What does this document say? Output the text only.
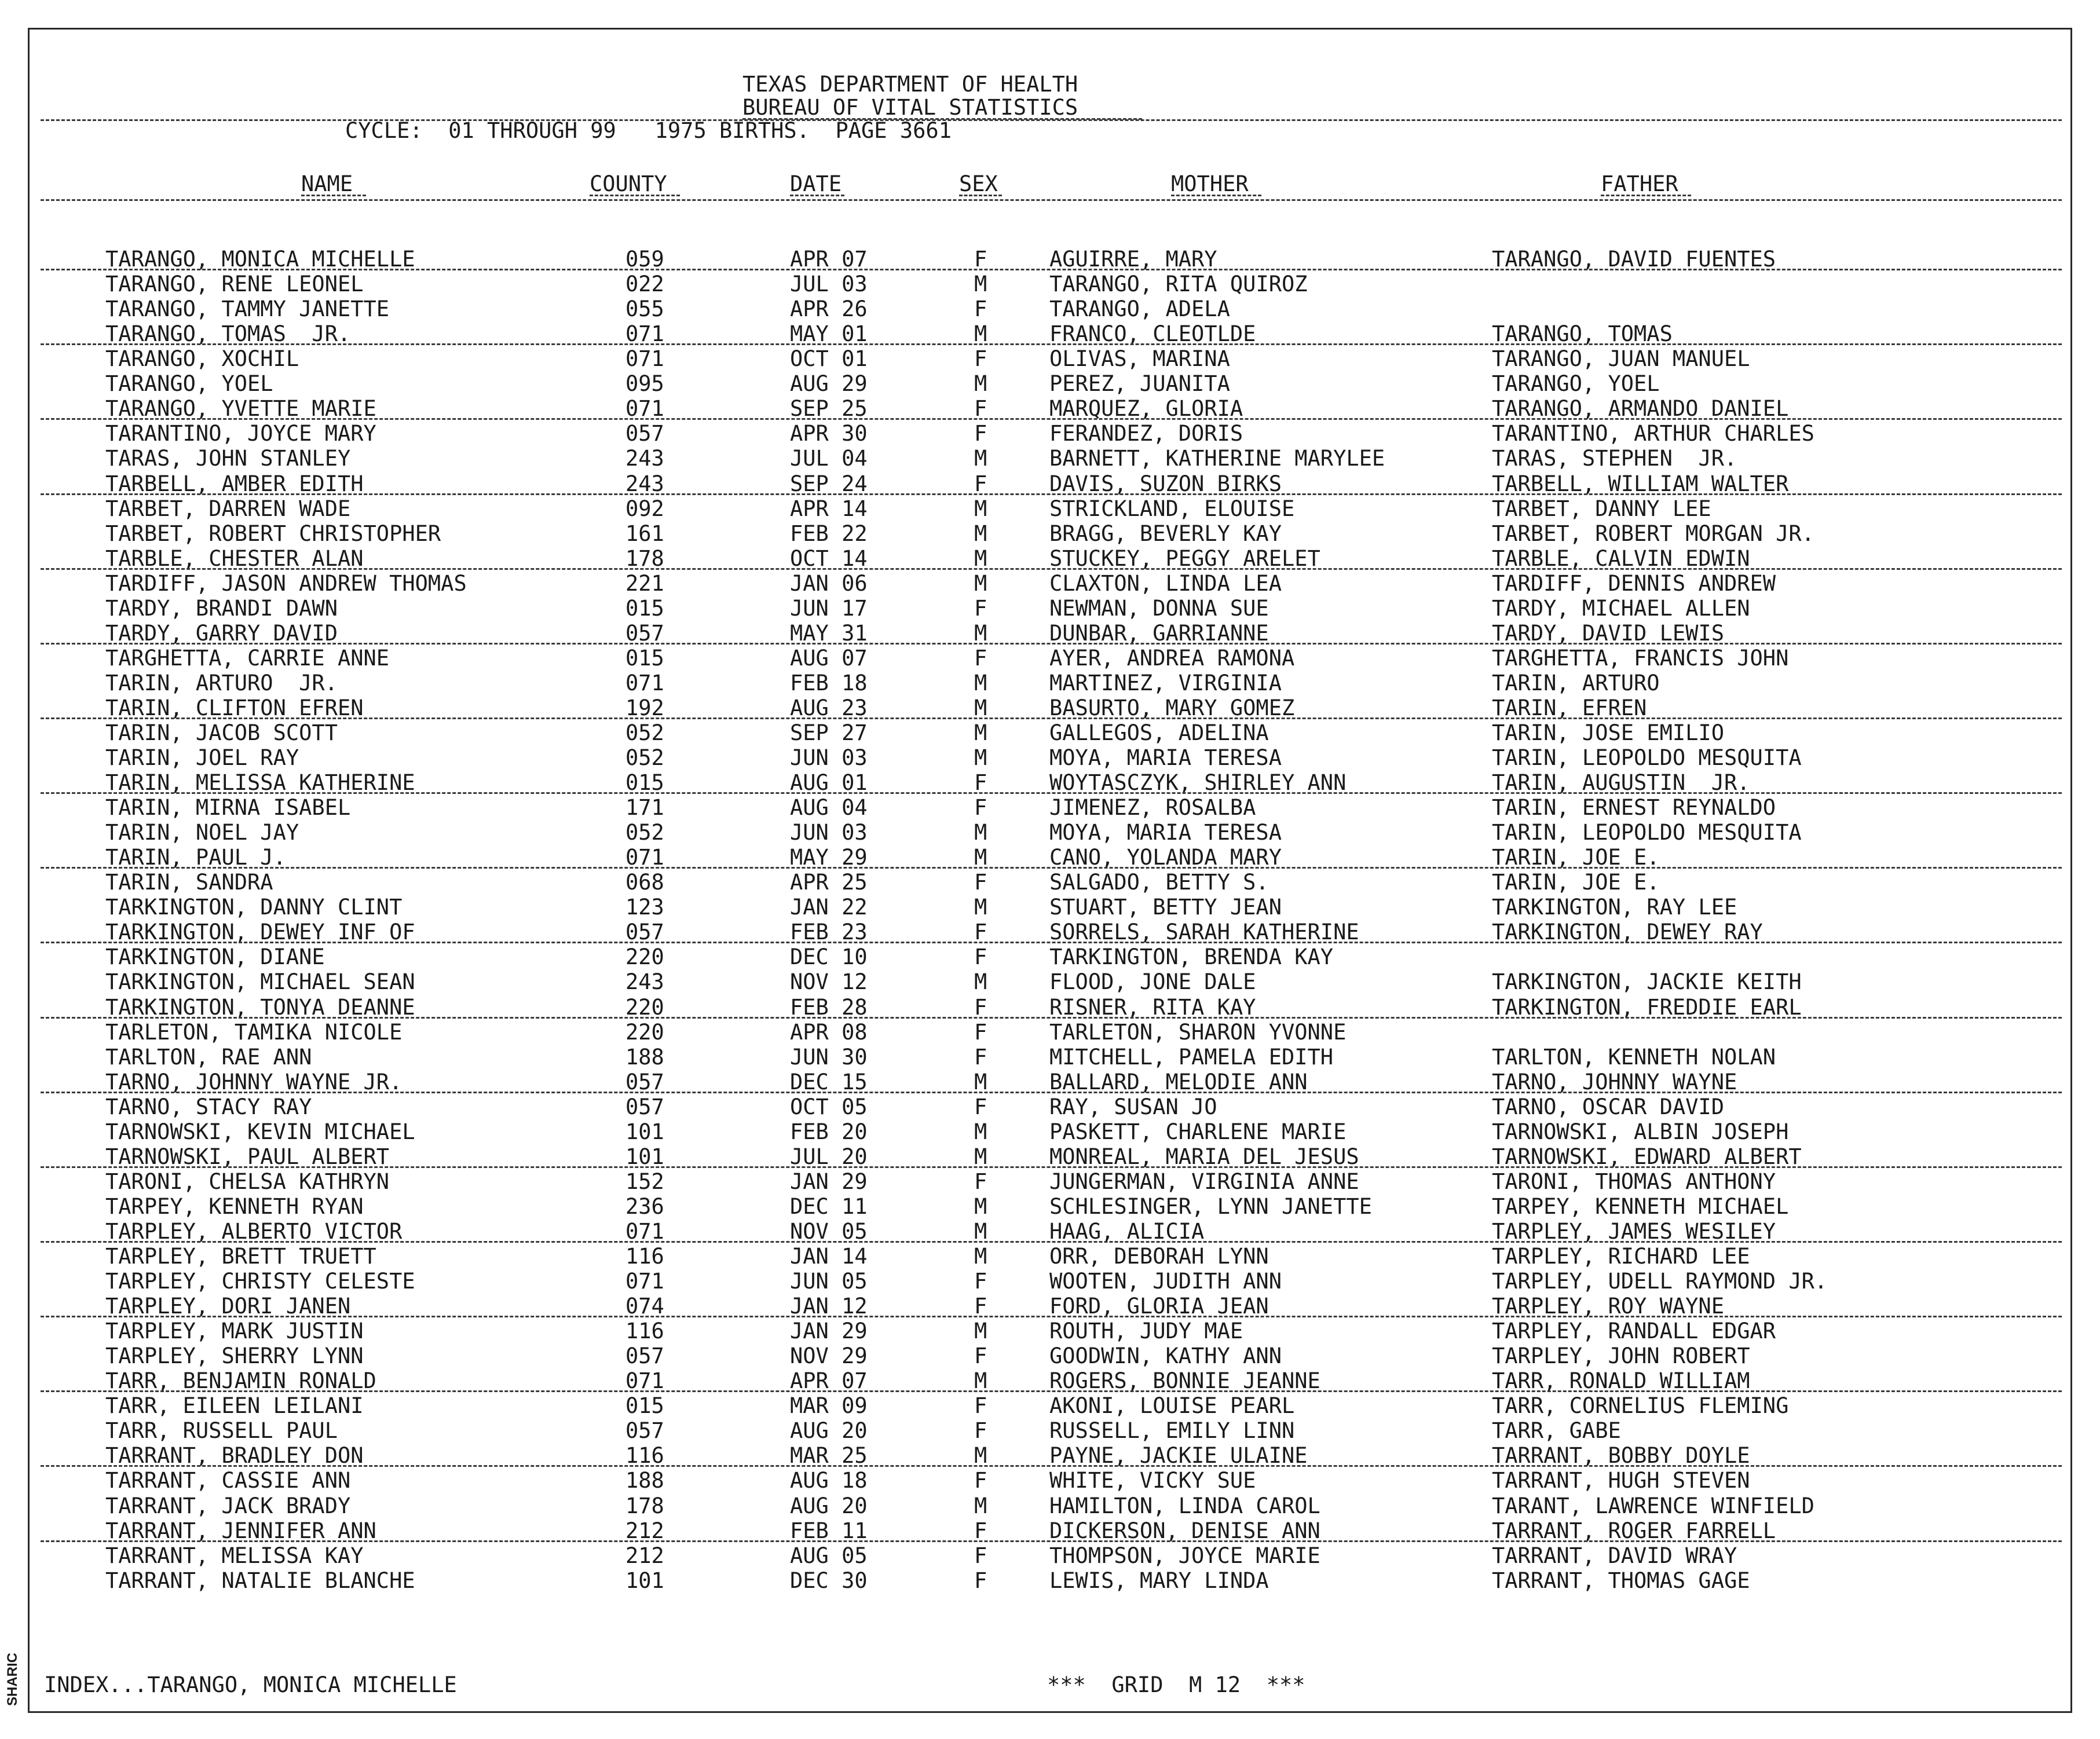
SHARIC
TEXAS DEPARTMENT OF HEALTH
BUREAU OF VITAL STATISTICS
CYCLE:  01 THROUGH 99   1975 BIRTHS.  PAGE 3661
NAME	COUNTY	DATE	SEX	MOTHER	FATHER
TARANGO, MONICA MICHELLE	059	APR 07	F	AGUIRRE, MARY	TARANGO, DAVID FUENTES
TARANGO, RENE LEONEL	022	JUL 03	M	TARANGO, RITA QUIROZ
TARANGO, TAMMY JANETTE	055	APR 26	F	TARANGO, ADELA
TARANGO, TOMAS  JR.	071	MAY 01	M	FRANCO, CLEOTLDE	TARANGO, TOMAS
TARANGO, XOCHIL	071	OCT 01	F	OLIVAS, MARINA	TARANGO, JUAN MANUEL
TARANGO, YOEL	095	AUG 29	M	PEREZ, JUANITA	TARANGO, YOEL
TARANGO, YVETTE MARIE	071	SEP 25	F	MARQUEZ, GLORIA	TARANGO, ARMANDO DANIEL
TARANTINO, JOYCE MARY	057	APR 30	F	FERANDEZ, DORIS	TARANTINO, ARTHUR CHARLES
TARAS, JOHN STANLEY	243	JUL 04	M	BARNETT, KATHERINE MARYLEE	TARAS, STEPHEN  JR.
TARBELL, AMBER EDITH	243	SEP 24	F	DAVIS, SUZON BIRKS	TARBELL, WILLIAM WALTER
TARBET, DARREN WADE	092	APR 14	M	STRICKLAND, ELOUISE	TARBET, DANNY LEE
TARBET, ROBERT CHRISTOPHER	161	FEB 22	M	BRAGG, BEVERLY KAY	TARBET, ROBERT MORGAN JR.
TARBLE, CHESTER ALAN	178	OCT 14	M	STUCKEY, PEGGY ARELET	TARBLE, CALVIN EDWIN
TARDIFF, JASON ANDREW THOMAS	221	JAN 06	M	CLAXTON, LINDA LEA	TARDIFF, DENNIS ANDREW
TARDY, BRANDI DAWN	015	JUN 17	F	NEWMAN, DONNA SUE	TARDY, MICHAEL ALLEN
TARDY, GARRY DAVID	057	MAY 31	M	DUNBAR, GARRIANNE	TARDY, DAVID LEWIS
TARGHETTA, CARRIE ANNE	015	AUG 07	F	AYER, ANDREA RAMONA	TARGHETTA, FRANCIS JOHN
TARIN, ARTURO  JR.	071	FEB 18	M	MARTINEZ, VIRGINIA	TARIN, ARTURO
TARIN, CLIFTON EFREN	192	AUG 23	M	BASURTO, MARY GOMEZ	TARIN, EFREN
TARIN, JACOB SCOTT	052	SEP 27	M	GALLEGOS, ADELINA	TARIN, JOSE EMILIO
TARIN, JOEL RAY	052	JUN 03	M	MOYA, MARIA TERESA	TARIN, LEOPOLDO MESQUITA
TARIN, MELISSA KATHERINE	015	AUG 01	F	WOYTASCZYK, SHIRLEY ANN	TARIN, AUGUSTIN  JR.
TARIN, MIRNA ISABEL	171	AUG 04	F	JIMENEZ, ROSALBA	TARIN, ERNEST REYNALDO
TARIN, NOEL JAY	052	JUN 03	M	MOYA, MARIA TERESA	TARIN, LEOPOLDO MESQUITA
TARIN, PAUL J.	071	MAY 29	M	CANO, YOLANDA MARY	TARIN, JOE E.
TARIN, SANDRA	068	APR 25	F	SALGADO, BETTY S.	TARIN, JOE E.
TARKINGTON, DANNY CLINT	123	JAN 22	M	STUART, BETTY JEAN	TARKINGTON, RAY LEE
TARKINGTON, DEWEY INF OF	057	FEB 23	F	SORRELS, SARAH KATHERINE	TARKINGTON, DEWEY RAY
TARKINGTON, DIANE	220	DEC 10	F	TARKINGTON, BRENDA KAY
TARKINGTON, MICHAEL SEAN	243	NOV 12	M	FLOOD, JONE DALE	TARKINGTON, JACKIE KEITH
TARKINGTON, TONYA DEANNE	220	FEB 28	F	RISNER, RITA KAY	TARKINGTON, FREDDIE EARL
TARLETON, TAMIKA NICOLE	220	APR 08	F	TARLETON, SHARON YVONNE
TARLTON, RAE ANN	188	JUN 30	F	MITCHELL, PAMELA EDITH	TARLTON, KENNETH NOLAN
TARNO, JOHNNY WAYNE JR.	057	DEC 15	M	BALLARD, MELODIE ANN	TARNO, JOHNNY WAYNE
TARNO, STACY RAY	057	OCT 05	F	RAY, SUSAN JO	TARNO, OSCAR DAVID
TARNOWSKI, KEVIN MICHAEL	101	FEB 20	M	PASKETT, CHARLENE MARIE	TARNOWSKI, ALBIN JOSEPH
TARNOWSKI, PAUL ALBERT	101	JUL 20	M	MONREAL, MARIA DEL JESUS	TARNOWSKI, EDWARD ALBERT
TARONI, CHELSA KATHRYN	152	JAN 29	F	JUNGERMAN, VIRGINIA ANNE	TARONI, THOMAS ANTHONY
TARPEY, KENNETH RYAN	236	DEC 11	M	SCHLESINGER, LYNN JANETTE	TARPEY, KENNETH MICHAEL
TARPLEY, ALBERTO VICTOR	071	NOV 05	M	HAAG, ALICIA	TARPLEY, JAMES WESILEY
TARPLEY, BRETT TRUETT	116	JAN 14	M	ORR, DEBORAH LYNN	TARPLEY, RICHARD LEE
TARPLEY, CHRISTY CELESTE	071	JUN 05	F	WOOTEN, JUDITH ANN	TARPLEY, UDELL RAYMOND JR.
TARPLEY, DORI JANEN	074	JAN 12	F	FORD, GLORIA JEAN	TARPLEY, ROY WAYNE
TARPLEY, MARK JUSTIN	116	JAN 29	M	ROUTH, JUDY MAE	TARPLEY, RANDALL EDGAR
TARPLEY, SHERRY LYNN	057	NOV 29	F	GOODWIN, KATHY ANN	TARPLEY, JOHN ROBERT
TARR, BENJAMIN RONALD	071	APR 07	M	ROGERS, BONNIE JEANNE	TARR, RONALD WILLIAM
TARR, EILEEN LEILANI	015	MAR 09	F	AKONI, LOUISE PEARL	TARR, CORNELIUS FLEMING
TARR, RUSSELL PAUL	057	AUG 20	F	RUSSELL, EMILY LINN	TARR, GABE
TARRANT, BRADLEY DON	116	MAR 25	M	PAYNE, JACKIE ULAINE	TARRANT, BOBBY DOYLE
TARRANT, CASSIE ANN	188	AUG 18	F	WHITE, VICKY SUE	TARRANT, HUGH STEVEN
TARRANT, JACK BRADY	178	AUG 20	M	HAMILTON, LINDA CAROL	TARANT, LAWRENCE WINFIELD
TARRANT, JENNIFER ANN	212	FEB 11	F	DICKERSON, DENISE ANN	TARRANT, ROGER FARRELL
TARRANT, MELISSA KAY	212	AUG 05	F	THOMPSON, JOYCE MARIE	TARRANT, DAVID WRAY
TARRANT, NATALIE BLANCHE	101	DEC 30	F	LEWIS, MARY LINDA	TARRANT, THOMAS GAGE
INDEX...TARANGO, MONICA MICHELLE	***  GRID  M 12  ***
